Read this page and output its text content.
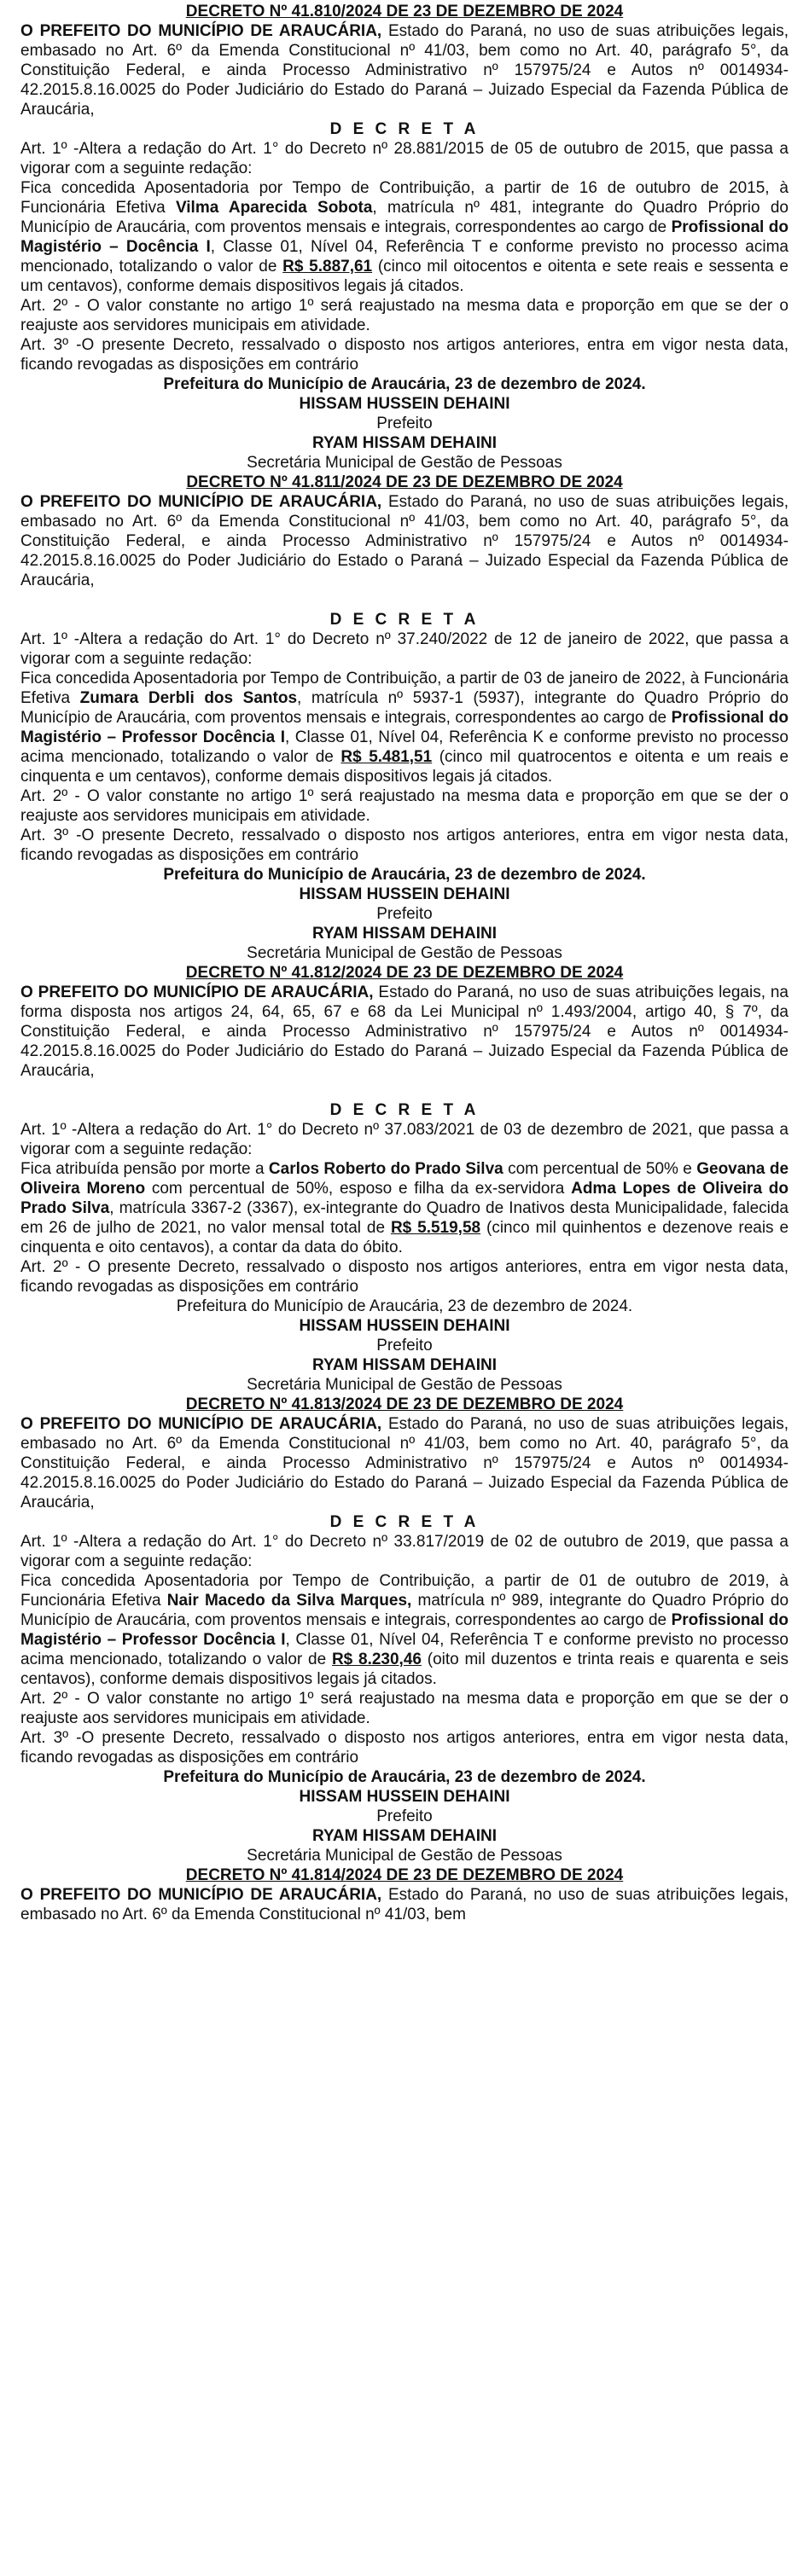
DECRETO Nº 41.810/2024 DE 23 DE DEZEMBRO DE 2024

O PREFEITO DO MUNICÍPIO DE ARAUCÁRIA, Estado do Paraná, no uso de suas atribuições legais, embasado no Art. 6º da Emenda Constitucional nº 41/03, bem como no Art. 40, parágrafo 5°, da Constituição Federal, e ainda Processo Administrativo nº 157975/24 e Autos nº 0014934-42.2015.8.16.0025 do Poder Judiciário do Estado do Paraná – Juizado Especial da Fazenda Pública de Araucária,

D E C R E T A

Art. 1º -Altera a redação do Art. 1° do Decreto nº 28.881/2015 de 05 de outubro de 2015, que passa a vigorar com a seguinte redação:

Fica concedida Aposentadoria por Tempo de Contribuição, a partir de 16 de outubro de 2015, à Funcionária Efetiva Vilma Aparecida Sobota, matrícula nº 481, integrante do Quadro Próprio do Município de Araucária, com proventos mensais e integrais, correspondentes ao cargo de Profissional do Magistério – Docência I, Classe 01, Nível 04, Referência T e conforme previsto no processo acima mencionado, totalizando o valor de R$ 5.887,61 (cinco mil oitocentos e oitenta e sete reais e sessenta e um centavos), conforme demais dispositivos legais já citados.

Art. 2º - O valor constante no artigo 1º será reajustado na mesma data e proporção em que se der o reajuste aos servidores municipais em atividade.

Art. 3º -O presente Decreto, ressalvado o disposto nos artigos anteriores, entra em vigor nesta data, ficando revogadas as disposições em contrário

Prefeitura do Município de Araucária, 23 de dezembro de 2024.

HISSAM HUSSEIN DEHAINI

Prefeito

RYAM HISSAM DEHAINI

Secretária Municipal de Gestão de Pessoas

DECRETO Nº 41.811/2024 DE 23 DE DEZEMBRO DE 2024

O PREFEITO DO MUNICÍPIO DE ARAUCÁRIA, Estado do Paraná, no uso de suas atribuições legais, embasado no Art. 6º da Emenda Constitucional nº 41/03, bem como no Art. 40, parágrafo 5°, da Constituição Federal, e ainda Processo Administrativo nº 157975/24 e Autos nº 0014934-42.2015.8.16.0025 do Poder Judiciário do Estado o Paraná – Juizado Especial da Fazenda Pública de Araucária,

D E C R E T A

Art. 1º -Altera a redação do Art. 1° do Decreto nº 37.240/2022 de 12 de janeiro de 2022, que passa a vigorar com a seguinte redação:

Fica concedida Aposentadoria por Tempo de Contribuição, a partir de 03 de janeiro de 2022, à Funcionária Efetiva Zumara Derbli dos Santos, matrícula nº 5937-1 (5937), integrante do Quadro Próprio do Município de Araucária, com proventos mensais e integrais, correspondentes ao cargo de Profissional do Magistério – Professor Docência I, Classe 01, Nível 04, Referência K e conforme previsto no processo acima mencionado, totalizando o valor de R$ 5.481,51 (cinco mil quatrocentos e oitenta e um reais e cinquenta e um centavos), conforme demais dispositivos legais já citados.

Art. 2º - O valor constante no artigo 1º será reajustado na mesma data e proporção em que se der o reajuste aos servidores municipais em atividade.

Art. 3º -O presente Decreto, ressalvado o disposto nos artigos anteriores, entra em vigor nesta data, ficando revogadas as disposições em contrário

Prefeitura do Município de Araucária, 23 de dezembro de 2024.

HISSAM HUSSEIN DEHAINI

Prefeito

RYAM HISSAM DEHAINI

Secretária Municipal de Gestão de Pessoas

DECRETO Nº 41.812/2024 DE 23 DE DEZEMBRO DE 2024

O PREFEITO DO MUNICÍPIO DE ARAUCÁRIA, Estado do Paraná, no uso de suas atribuições legais, na forma disposta nos artigos 24, 64, 65, 67 e 68 da Lei Municipal nº 1.493/2004, artigo 40, § 7º, da Constituição Federal, e ainda Processo Administrativo nº 157975/24 e Autos nº 0014934-42.2015.8.16.0025 do Poder Judiciário do Estado do Paraná – Juizado Especial da Fazenda Pública de Araucária,

D E C R E T A

Art. 1º -Altera a redação do Art. 1° do Decreto nº 37.083/2021 de 03 de dezembro de 2021, que passa a vigorar com a seguinte redação:

Fica atribuída pensão por morte a Carlos Roberto do Prado Silva com percentual de 50% e Geovana de Oliveira Moreno com percentual de 50%, esposo e filha da ex-servidora Adma Lopes de Oliveira do Prado Silva, matrícula 3367-2 (3367), ex-integrante do Quadro de Inativos desta Municipalidade, falecida em 26 de julho de 2021, no valor mensal total de R$ 5.519,58 (cinco mil quinhentos e dezenove reais e cinquenta e oito centavos), a contar da data do óbito.

Art. 2º - O presente Decreto, ressalvado o disposto nos artigos anteriores, entra em vigor nesta data, ficando revogadas as disposições em contrário

Prefeitura do Município de Araucária, 23 de dezembro de 2024.

HISSAM HUSSEIN DEHAINI

Prefeito

RYAM HISSAM DEHAINI

Secretária Municipal de Gestão de Pessoas

DECRETO Nº 41.813/2024 DE 23 DE DEZEMBRO DE 2024

O PREFEITO DO MUNICÍPIO DE ARAUCÁRIA, Estado do Paraná, no uso de suas atribuições legais, embasado no Art. 6º da Emenda Constitucional nº 41/03, bem como no Art. 40, parágrafo 5°, da Constituição Federal, e ainda Processo Administrativo nº 157975/24 e Autos nº 0014934-42.2015.8.16.0025 do Poder Judiciário do Estado do Paraná – Juizado Especial da Fazenda Pública de Araucária,

D E C R E T A

Art. 1º -Altera a redação do Art. 1° do Decreto nº 33.817/2019 de 02 de outubro de 2019, que passa a vigorar com a seguinte redação:

Fica concedida Aposentadoria por Tempo de Contribuição, a partir de 01 de outubro de 2019, à Funcionária Efetiva Nair Macedo da Silva Marques, matrícula nº 989, integrante do Quadro Próprio do Município de Araucária, com proventos mensais e integrais, correspondentes ao cargo de Profissional do Magistério – Professor Docência I, Classe 01, Nível 04, Referência T e conforme previsto no processo acima mencionado, totalizando o valor de R$ 8.230,46 (oito mil duzentos e trinta reais e quarenta e seis centavos), conforme demais dispositivos legais já citados.

Art. 2º - O valor constante no artigo 1º será reajustado na mesma data e proporção em que se der o reajuste aos servidores municipais em atividade.

Art. 3º -O presente Decreto, ressalvado o disposto nos artigos anteriores, entra em vigor nesta data, ficando revogadas as disposições em contrário

Prefeitura do Município de Araucária, 23 de dezembro de 2024.

HISSAM HUSSEIN DEHAINI

Prefeito

RYAM HISSAM DEHAINI

Secretária Municipal de Gestão de Pessoas

DECRETO Nº 41.814/2024 DE 23 DE DEZEMBRO DE 2024

O PREFEITO DO MUNICÍPIO DE ARAUCÁRIA, Estado do Paraná, no uso de suas atribuições legais, embasado no Art. 6º da Emenda Constitucional nº 41/03, bem
